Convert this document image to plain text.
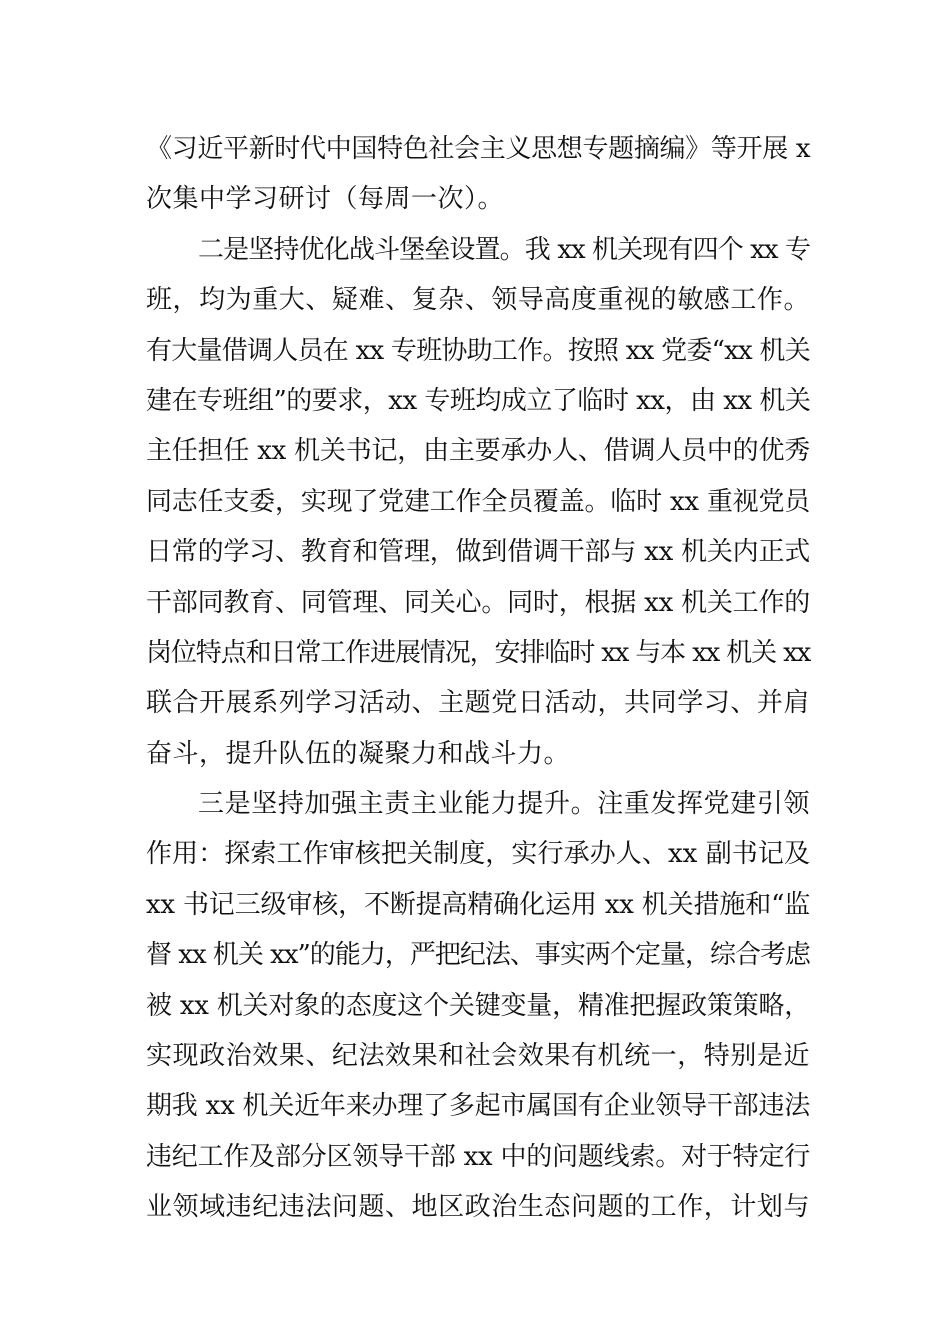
《习近平新时代中国特色社会主义思想专题摘编》等开展 x
次集中学习研讨（每周一次）。
二是坚持优化战斗堡垒设置。我 xx 机关现有四个 xx 专
班，均为重大、疑难、复杂、领导高度重视的敏感工作。
有大量借调人员在 xx 专班协助工作。按照 xx 党委“xx 机关
建在专班组”的要求，xx 专班均成立了临时 xx，由 xx 机关
主任担任 xx 机关书记，由主要承办人、借调人员中的优秀
同志任支委，实现了党建工作全员覆盖。临时 xx 重视党员
日常的学习、教育和管理，做到借调干部与 xx 机关内正式
干部同教育、同管理、同关心。同时，根据 xx 机关工作的
岗位特点和日常工作进展情况，安排临时 xx 与本 xx 机关 xx
联合开展系列学习活动、主题党日活动，共同学习、并肩
奋斗，提升队伍的凝聚力和战斗力。
三是坚持加强主责主业能力提升。注重发挥党建引领
作用：探索工作审核把关制度，实行承办人、xx 副书记及
xx 书记三级审核，不断提高精确化运用 xx 机关措施和“监
督 xx 机关 xx”的能力，严把纪法、事实两个定量，综合考虑
被 xx 机关对象的态度这个关键变量，精准把握政策策略，
实现政治效果、纪法效果和社会效果有机统一，特别是近
期我 xx 机关近年来办理了多起市属国有企业领导干部违法
违纪工作及部分区领导干部 xx 中的问题线索。对于特定行
业领域违纪违法问题、地区政治生态问题的工作，计划与
